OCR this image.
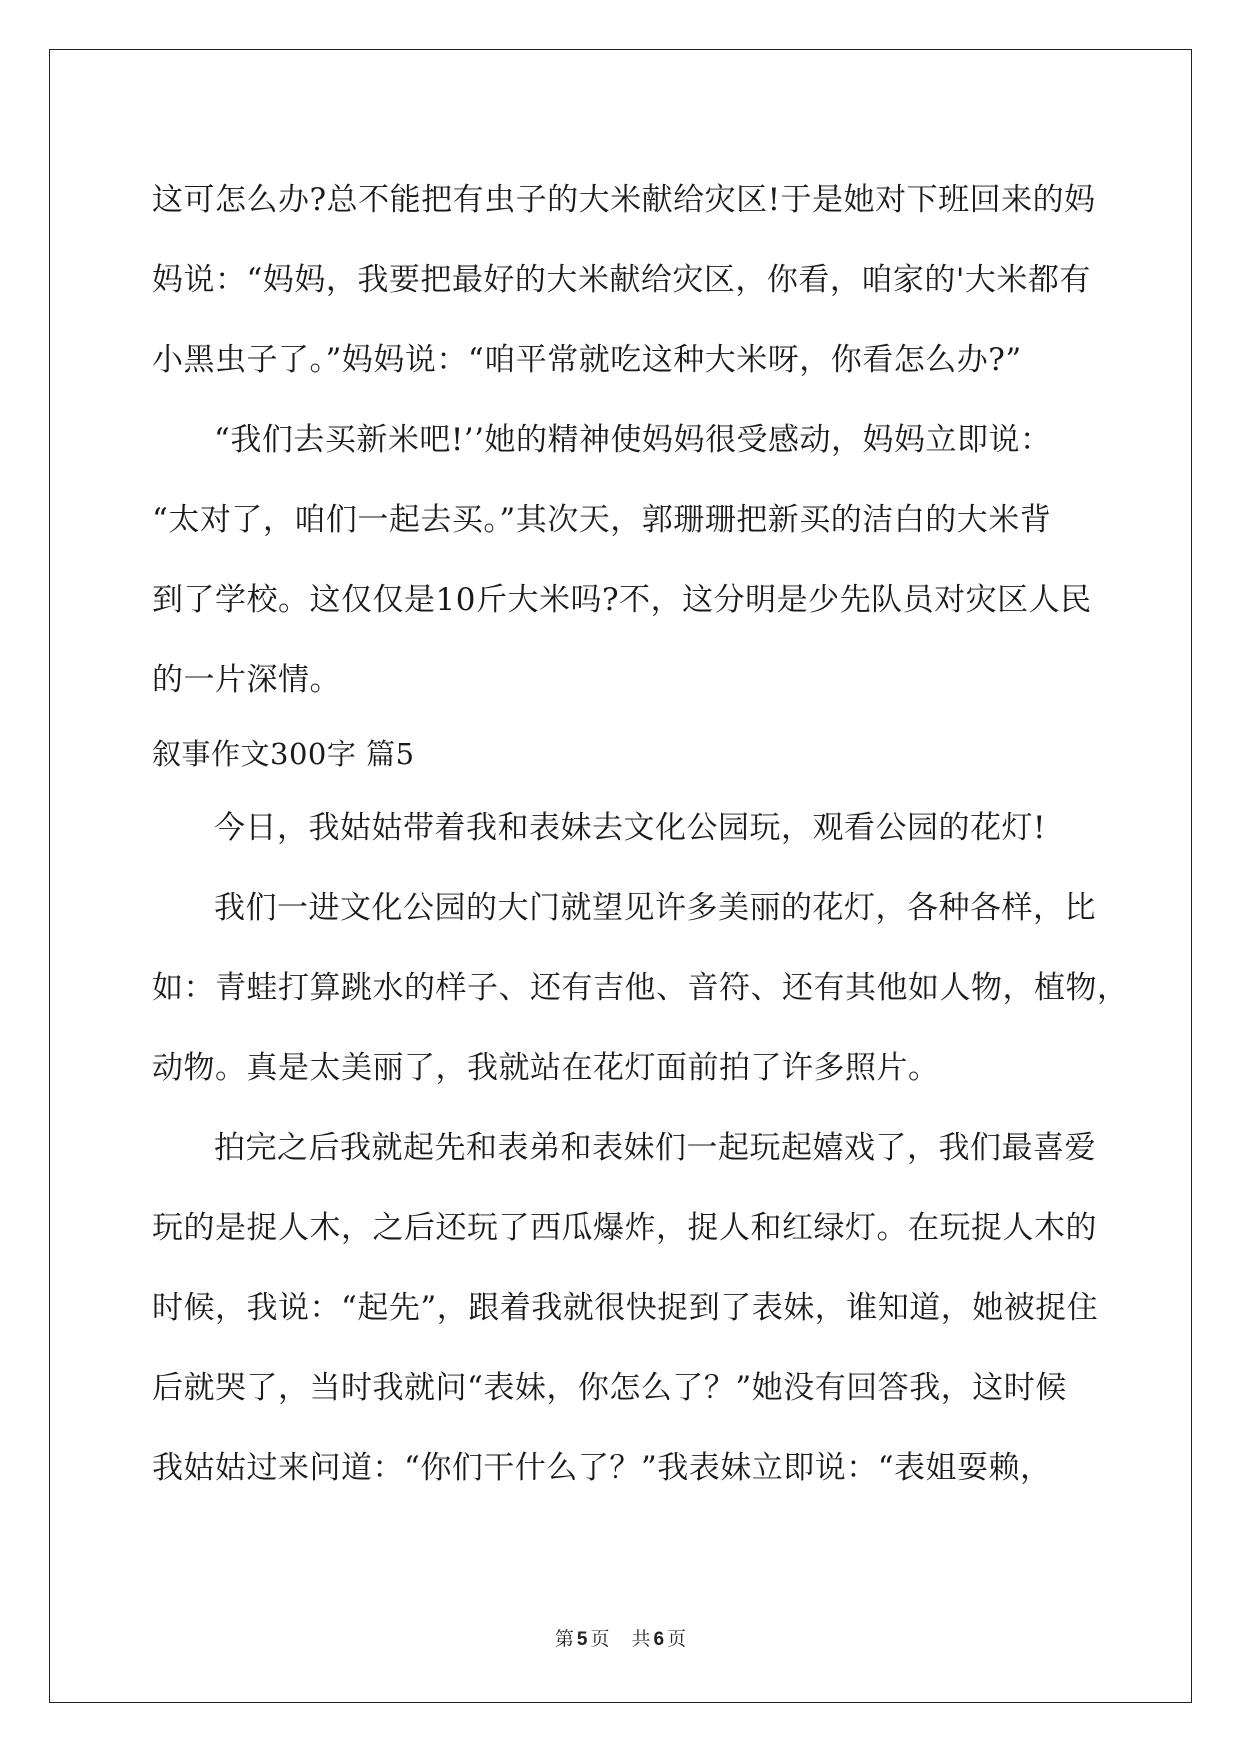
这可怎么办?总不能把有虫子的大米献给灾区!于是她对下班回来的妈
妈说：“妈妈，我要把最好的大米献给灾区，你看，咱家的'大米都有
小黑虫子了。”妈妈说：“咱平常就吃这种大米呀，你看怎么办?”
“我们去买新米吧!’’她的精神使妈妈很受感动，妈妈立即说：
“太对了，咱们一起去买。”其次天，郭珊珊把新买的洁白的大米背
到了学校。这仅仅是10斤大米吗?不，这分明是少先队员对灾区人民
的一片深情。
叙事作文300字 篇5
今日，我姑姑带着我和表妹去文化公园玩，观看公园的花灯!
我们一进文化公园的大门就望见许多美丽的花灯，各种各样，比
如：青蛙打算跳水的样子、还有吉他、音符、还有其他如人物，植物，
动物。真是太美丽了，我就站在花灯面前拍了许多照片。
拍完之后我就起先和表弟和表妹们一起玩起嬉戏了，我们最喜爱
玩的是捉人木，之后还玩了西瓜爆炸，捉人和红绿灯。在玩捉人木的
时候，我说：“起先”，跟着我就很快捉到了表妹，谁知道，她被捉住
后就哭了，当时我就问“表妹，你怎么了？”她没有回答我，这时候
我姑姑过来问道：“你们干什么了？”我表妹立即说：“表姐耍赖，
第 5 页 共 6 页
